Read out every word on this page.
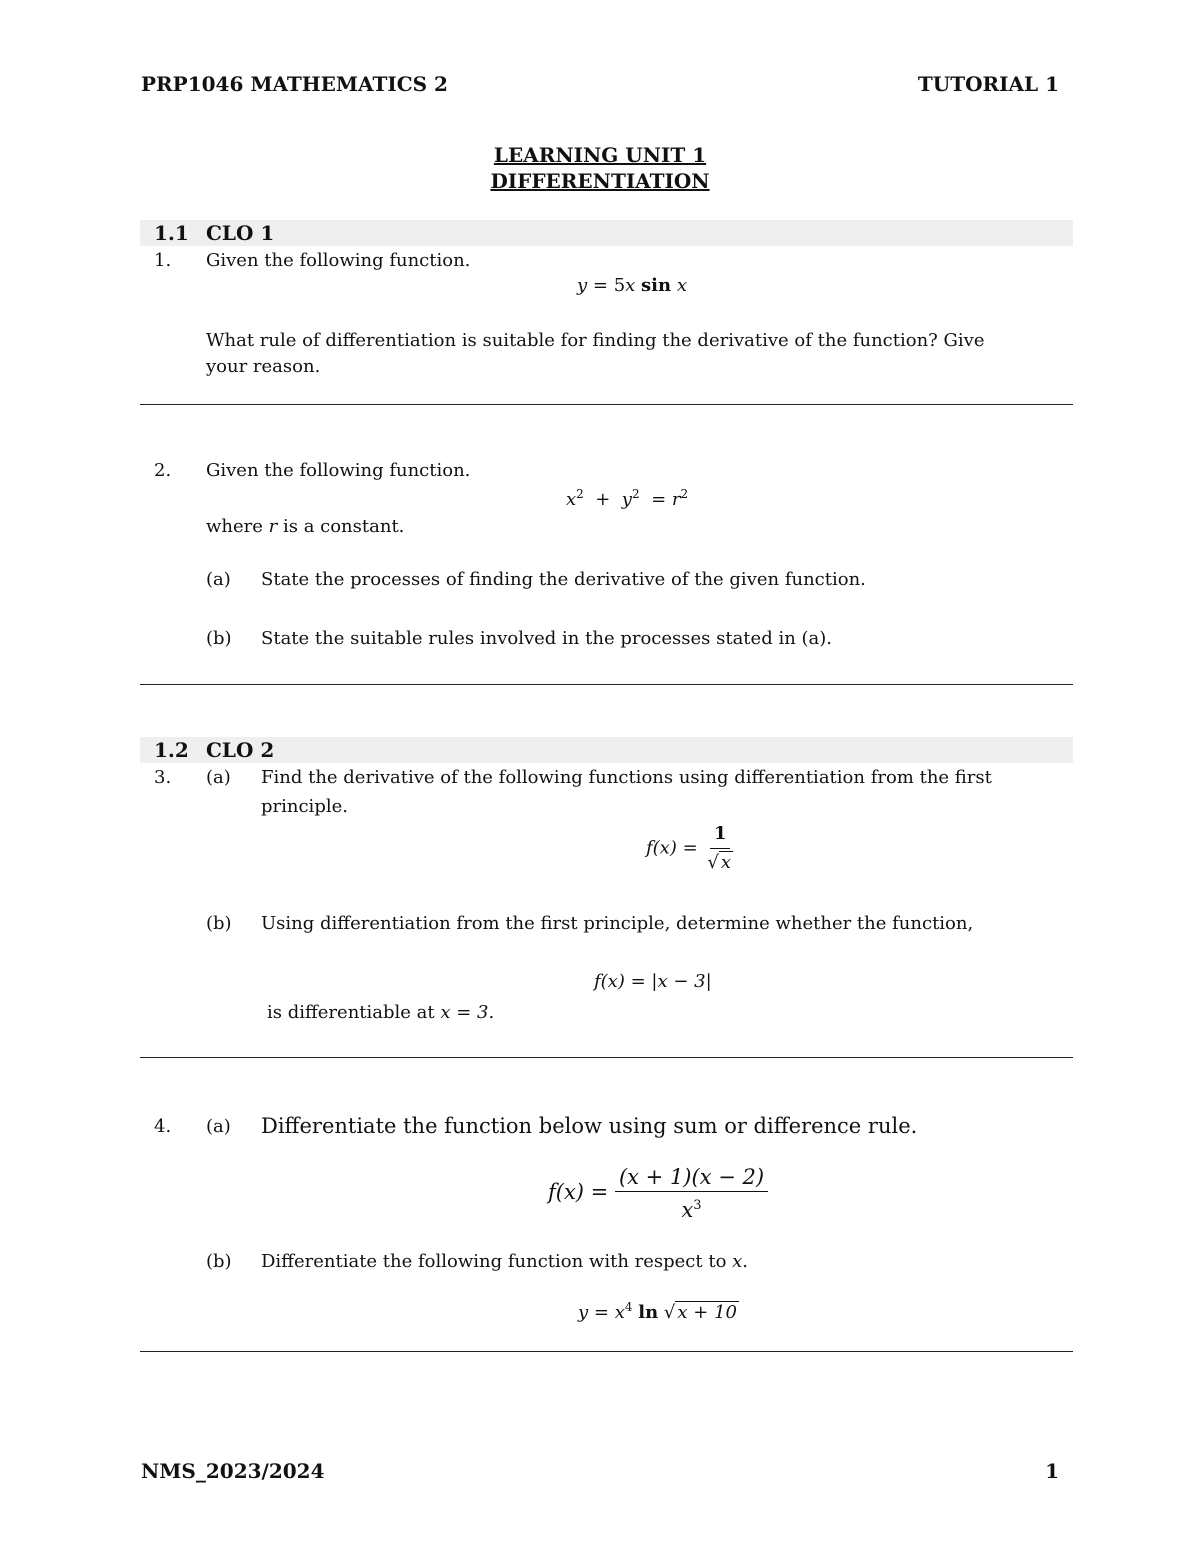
PRP1046 MATHEMATICS 2	TUTORIAL 1
LEARNING UNIT 1
DIFFERENTIATION
1.1 CLO 1
1. Given the following function.
y = 5x sin x
What rule of differentiation is suitable for finding the derivative of the function? Give
your reason.
2. Given the following function.
$x^2 + y^2 = r^2$
where r is a constant.
(a) State the processes of finding the derivative of the given function.
(b) State the suitable rules involved in the processes stated in (a).
1.2 CLO 2
3. (a) Find the derivative of the following functions using differentiation from the first
principle.
$f(x) = \frac{1}{√ x}$
(b) Using differentiation from the first principle, determine whether the function,
f(x) = |x − 3|
is differentiable at x = 3.
4. (a) Differentiate the function below using sum or difference rule.
$f(x) = \frac{(x + 1)(x - 2)}{x^3}$
(b) Differentiate the following function with respect to x.
$y = x^4$ ln √ x + 10
NMS_2023/2024	1
